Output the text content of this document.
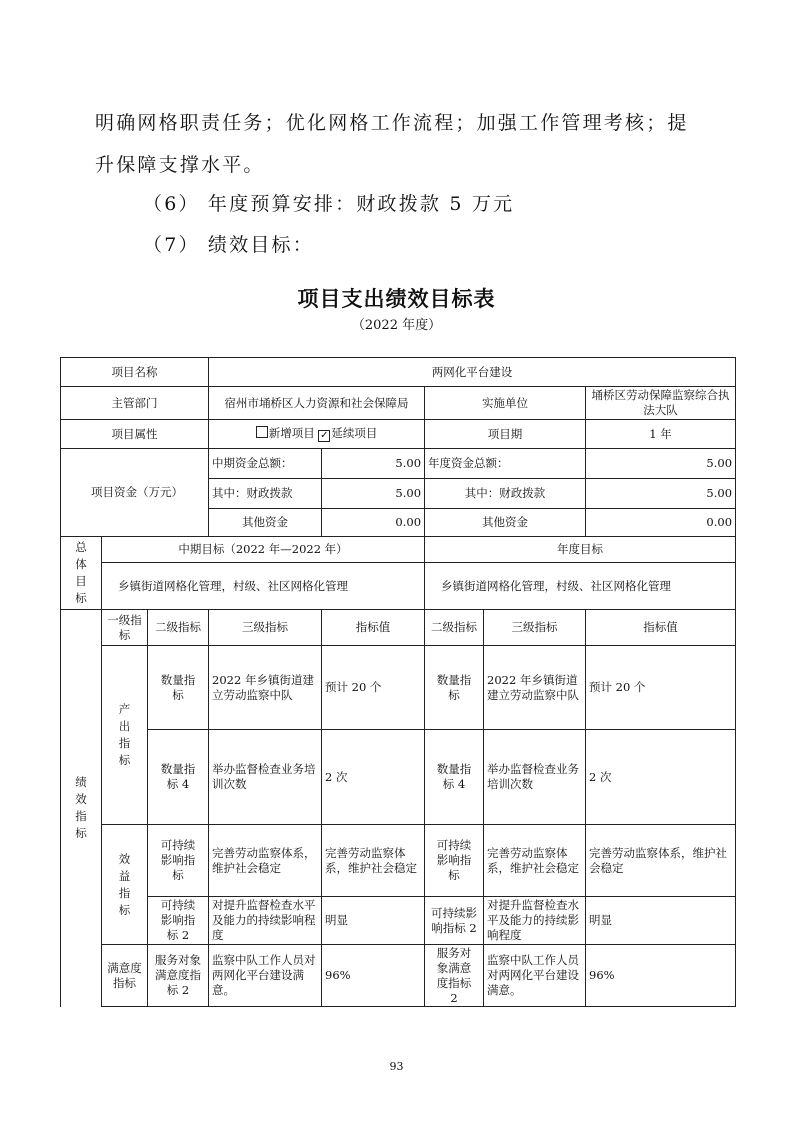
明确网格职责任务；优化网格工作流程；加强工作管理考核；提
升保障支撑水平。
（6） 年度预算安排：财政拨款 5 万元
（7） 绩效目标：
项目支出绩效目标表
（2022 年度）
项目名称			两网化平台建设				
主管部门			宿州市埇桥区人力资源和社会保障局		实施单位		埇桥区劳动保障监察综合执法大队
项目属性			新增项目 ✓ 延续项目		项目期		1 年
项目资金（万元）			中期资金总额：	5.00	年度资金总额：		5.00
			其中：财政拨款	5.00	其中：财政拨款		5.00
			其他资金	0.00	其他资金		0.00
总体目标	中期目标（2022 年—2022 年）				年度目标		
	乡镇街道网格化管理，村级、社区网格化管理				乡镇街道网格化管理，村级、社区网格化管理		
绩效指标	一级指标	二级指标	三级指标	指标值	二级指标	三级指标	指标值
	产出指标	数量指标	2022 年乡镇街道建立劳动监察中队	预计 20 个	数量指标	2022 年乡镇街道建立劳动监察中队	预计 20 个
		数量指标 4	举办监督检查业务培训次数	2 次	数量指标 4	举办监督检查业务培训次数	2 次
	效益指标	可持续影响指标	完善劳动监察体系，维护社会稳定	完善劳动监察体系，维护社会稳定	可持续影响指标	完善劳动监察体系，维护社会稳定	完善劳动监察体系，维护社会稳定
		可持续影响指标 2	对提升监督检查水平及能力的持续影响程度	明显	可持续影响指标 2	对提升监督检查水平及能力的持续影响程度	明显
	满意度指标	服务对象满意度指标 2	监察中队工作人员对两网化平台建设满意。	96%	服务对象满意度指标 2	监察中队工作人员对两网化平台建设满意。	96%
93
